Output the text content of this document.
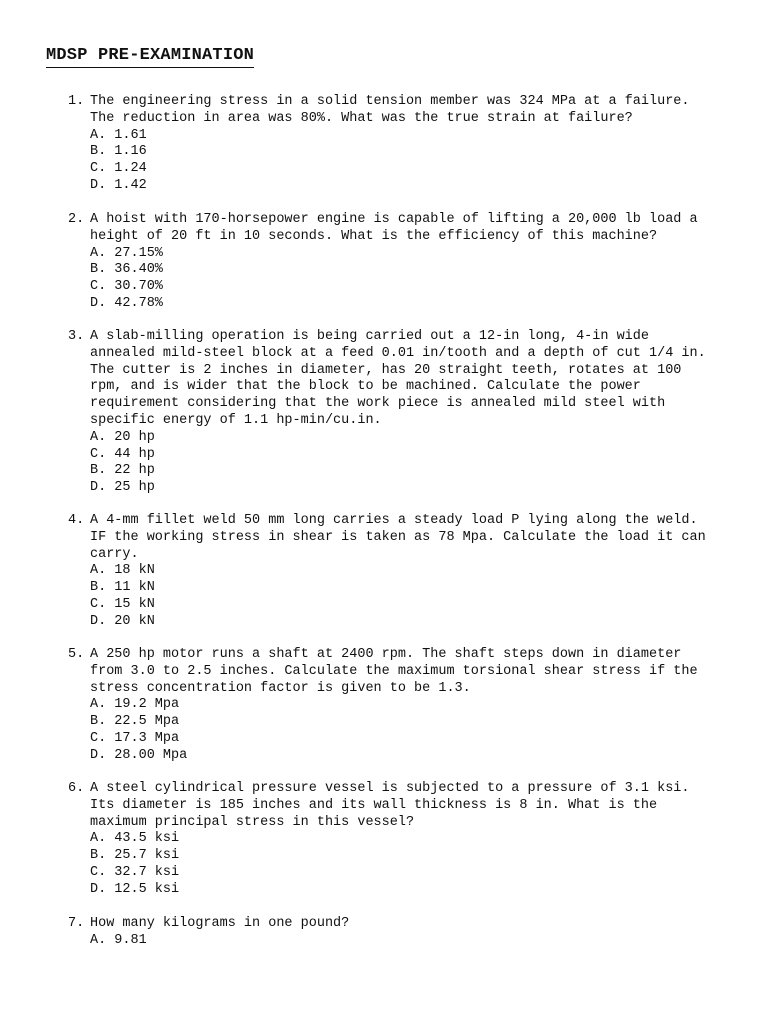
MDSP PRE-EXAMINATION
1. The engineering stress in a solid tension member was 324 MPa at a failure.
The reduction in area was 80%. What was the true strain at failure?
A. 1.61
B. 1.16
C. 1.24
D. 1.42
2. A hoist with 170-horsepower engine is capable of lifting a 20,000 lb load a
height of 20 ft in 10 seconds. What is the efficiency of this machine?
A. 27.15%
B. 36.40%
C. 30.70%
D. 42.78%
3. A slab-milling operation is being carried out a 12-in long, 4-in wide
annealed mild-steel block at a feed 0.01 in/tooth and a depth of cut 1/4 in.
The cutter is 2 inches in diameter, has 20 straight teeth, rotates at 100
rpm, and is wider that the block to be machined. Calculate the power
requirement considering that the work piece is annealed mild steel with
specific energy of 1.1 hp-min/cu.in.
A. 20 hp
C. 44 hp
B. 22 hp
D. 25 hp
4. A 4-mm fillet weld 50 mm long carries a steady load P lying along the weld.
IF the working stress in shear is taken as 78 Mpa. Calculate the load it can
carry.
A. 18 kN
B. 11 kN
C. 15 kN
D. 20 kN
5. A 250 hp motor runs a shaft at 2400 rpm. The shaft steps down in diameter
from 3.0 to 2.5 inches. Calculate the maximum torsional shear stress if the
stress concentration factor is given to be 1.3.
A. 19.2 Mpa
B. 22.5 Mpa
C. 17.3 Mpa
D. 28.00 Mpa
6. A steel cylindrical pressure vessel is subjected to a pressure of 3.1 ksi.
Its diameter is 185 inches and its wall thickness is 8 in. What is the
maximum principal stress in this vessel?
A. 43.5 ksi
B. 25.7 ksi
C. 32.7 ksi
D. 12.5 ksi
7. How many kilograms in one pound?
A. 9.81
